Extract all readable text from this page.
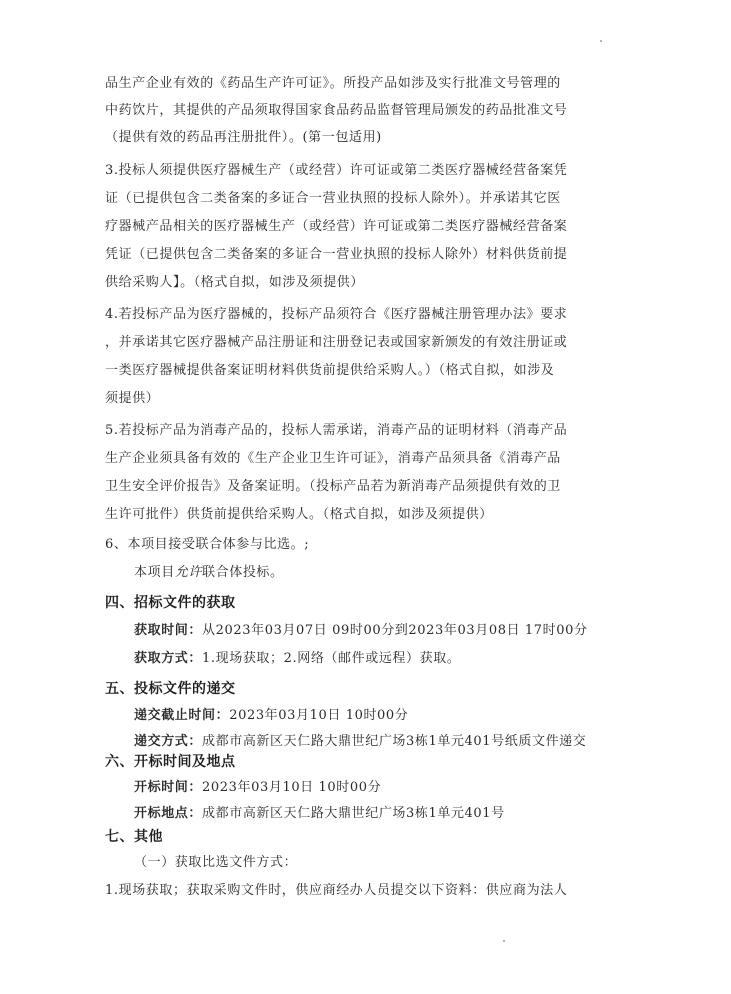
品生产企业有效的《药品生产许可证》。所投产品如涉及实行批准文号管理的
中药饮片，其提供的产品须取得国家食品药品监督管理局颁发的药品批准文号
（提供有效的药品再注册批件）。(第一包适用)
3.投标人须提供医疗器械生产（或经营）许可证或第二类医疗器械经营备案凭
证（已提供包含二类备案的多证合一营业执照的投标人除外）。并承诺其它医
疗器械产品相关的医疗器械生产（或经营）许可证或第二类医疗器械经营备案
凭证（已提供包含二类备案的多证合一营业执照的投标人除外）材料供货前提
供给采购人】。（格式自拟，如涉及须提供）
4.若投标产品为医疗器械的，投标产品须符合《医疗器械注册管理办法》要求
，并承诺其它医疗器械产品注册证和注册登记表或国家新颁发的有效注册证或
一类医疗器械提供备案证明材料供货前提供给采购人。）（格式自拟，如涉及
须提供）
5.若投标产品为消毒产品的，投标人需承诺，消毒产品的证明材料（消毒产品
生产企业须具备有效的《生产企业卫生许可证》，消毒产品须具备《消毒产品
卫生安全评价报告》及备案证明。（投标产品若为新消毒产品须提供有效的卫
生许可批件）供货前提供给采购人。（格式自拟，如涉及须提供）
6、本项目接受联合体参与比选。;
本项目允许联合体投标。
四、招标文件的获取
获取时间：从2023年03月07日 09时00分到2023年03月08日 17时00分
获取方式：1.现场获取；2.网络（邮件或远程）获取。
五、投标文件的递交
递交截止时间：2023年03月10日 10时00分
递交方式：成都市高新区天仁路大鼎世纪广场3栋1单元401号纸质文件递交
六、开标时间及地点
开标时间：2023年03月10日 10时00分
开标地点：成都市高新区天仁路大鼎世纪广场3栋1单元401号
七、其他
（一）获取比选文件方式：
1.现场获取；获取采购文件时，供应商经办人员提交以下资料：供应商为法人
